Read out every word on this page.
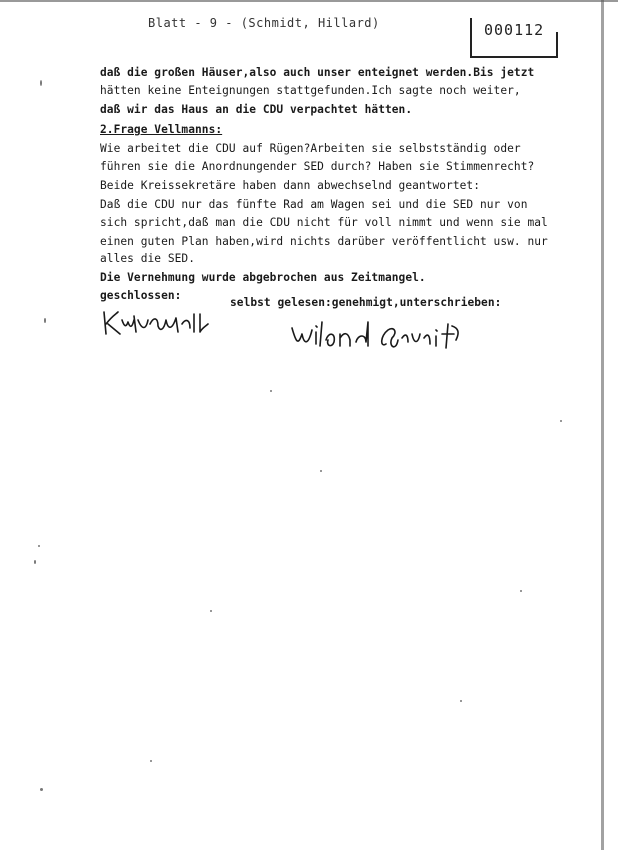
Blatt - 9 - (Schmidt, Hillard)	000112
daß die großen Häuser,also auch unser enteignet werden.Bis jetzt
hätten keine Enteignungen stattgefunden.Ich sagte noch weiter,
daß wir das Haus an die CDU verpachtet hätten.
2.Frage Vellmanns:
Wie arbeitet die CDU auf Rügen?Arbeiten sie selbstständig oder
führen sie die Anordnungender SED durch? Haben sie Stimmenrecht?
Beide Kreissekretäre haben dann abwechselnd geantwortet:
Daß die CDU nur das fünfte Rad am Wagen sei und die SED nur von
sich spricht,daß man die CDU nicht für voll nimmt und wenn sie mal
einen guten Plan haben,wird nichts darüber veröffentlicht usw. nur
alles die SED.
Die Vernehmung wurde abgebrochen aus Zeitmangel.
geschlossen:
selbst gelesen:genehmigt,unterschrieben:
